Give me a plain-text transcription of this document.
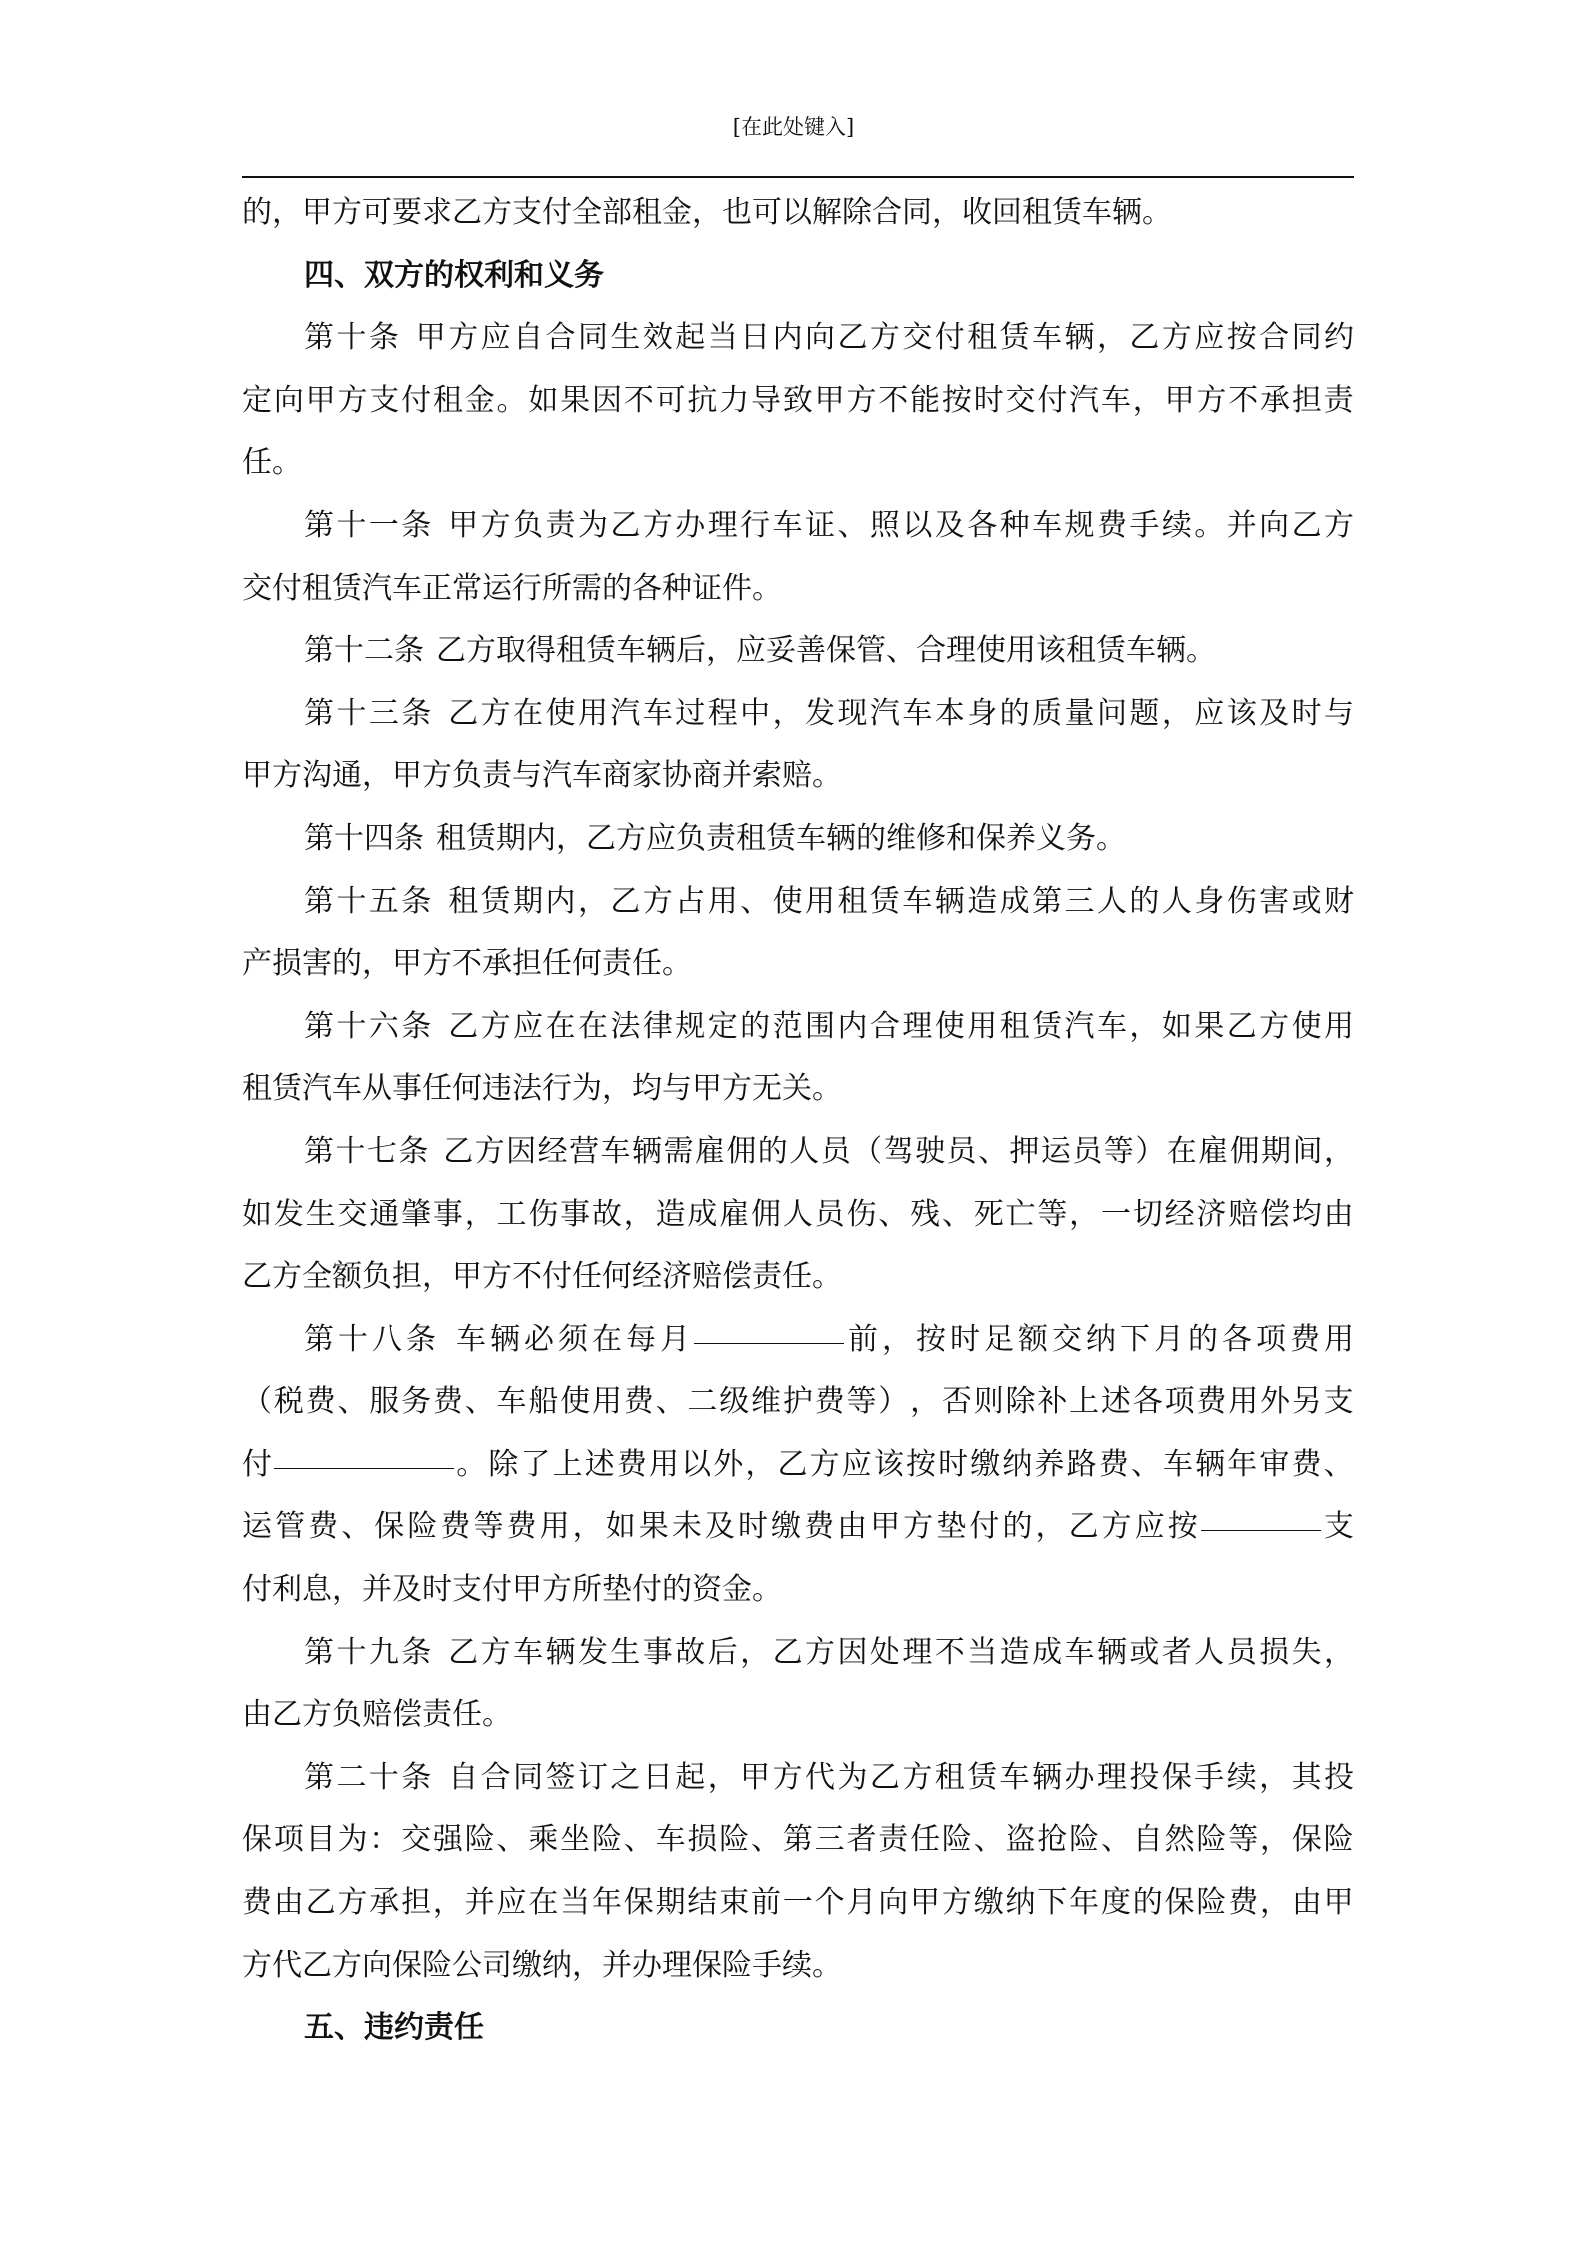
[在此处键入]
的 ， 甲 方 可 要 求 乙 方 支 付 全 部 租 金 ， 也 可 以 解 除 合 同 ， 收 回 租 赁 车 辆 。
四 、 双 方 的 权 利 和 义 务
第 十 条
甲 方 应 自 合 同 生 效 起 当 日 内 向 乙 方 交 付 租 赁 车 辆 ， 乙 方 应 按 合 同 约
定 向 甲 方 支 付 租 金 。 如 果 因 不 可 抗 力 导 致 甲 方 不 能 按 时 交 付 汽 车 ， 甲 方 不 承 担 责
任 。
第 十 一 条
甲 方 负 责 为 乙 方 办 理 行 车 证 、 照 以 及 各 种 车 规 费 手 续 。 并 向 乙 方
交 付 租 赁 汽 车 正 常 运 行 所 需 的 各 种 证 件 。
第 十 二 条
乙 方 取 得 租 赁 车 辆 后 ， 应 妥 善 保 管 、 合 理 使 用 该 租 赁 车 辆 。
第 十 三 条
乙 方 在 使 用 汽 车 过 程 中 ， 发 现 汽 车 本 身 的 质 量 问 题 ， 应 该 及 时 与
甲 方 沟 通 ， 甲 方 负 责 与 汽 车 商 家 协 商 并 索 赔 。
第 十 四 条
租 赁 期 内 ， 乙 方 应 负 责 租 赁 车 辆 的 维 修 和 保 养 义 务 。
第 十 五 条
租 赁 期 内 ， 乙 方 占 用 、 使 用 租 赁 车 辆 造 成 第 三 人 的 人 身 伤 害 或 财
产 损 害 的 ， 甲 方 不 承 担 任 何 责 任 。
第 十 六 条
乙 方 应 在 在 法 律 规 定 的 范 围 内 合 理 使 用 租 赁 汽 车 ， 如 果 乙 方 使 用
租 赁 汽 车 从 事 任 何 违 法 行 为 ， 均 与 甲 方 无 关 。
第 十 七 条
乙 方 因 经 营 车 辆 需 雇 佣 的 人 员 （ 驾 驶 员 、 押 运 员 等 ） 在 雇 佣 期 间 ，
如 发 生 交 通 肇 事 ， 工 伤 事 故 ， 造 成 雇 佣 人 员 伤 、 残 、 死 亡 等 ， 一 切 经 济 赔 偿 均 由
乙 方 全 额 负 担 ， 甲 方 不 付 任 何 经 济 赔 偿 责 任 。
第 十 八 条
车 辆 必 须 在 每 月	前 ， 按 时 足 额 交 纳 下 月 的 各 项 费 用
（ 税 费 、 服 务 费 、 车 船 使 用 费 、 二 级 维 护 费 等 ） ， 否 则 除 补 上 述 各 项 费 用 外 另 支
付	。 除 了 上 述 费 用 以 外 ， 乙 方 应 该 按 时 缴 纳 养 路 费 、 车 辆 年 审 费 、
运 管 费 、 保 险 费 等 费 用 ， 如 果 未 及 时 缴 费 由 甲 方 垫 付 的 ， 乙 方 应 按	支
付 利 息 ， 并 及 时 支 付 甲 方 所 垫 付 的 资 金 。
第 十 九 条
乙 方 车 辆 发 生 事 故 后 ， 乙 方 因 处 理 不 当 造 成 车 辆 或 者 人 员 损 失 ，
由 乙 方 负 赔 偿 责 任 。
第 二 十 条
自 合 同 签 订 之 日 起 ， 甲 方 代 为 乙 方 租 赁 车 辆 办 理 投 保 手 续 ， 其 投
保 项 目 为 ： 交 强 险 、 乘 坐 险 、 车 损 险 、 第 三 者 责 任 险 、 盗 抢 险 、 自 然 险 等 ， 保 险
费 由 乙 方 承 担 ， 并 应 在 当 年 保 期 结 束 前 一 个 月 向 甲 方 缴 纳 下 年 度 的 保 险 费 ， 由 甲
方 代 乙 方 向 保 险 公 司 缴 纳 ， 并 办 理 保 险 手 续 。
五 、 违 约 责 任
